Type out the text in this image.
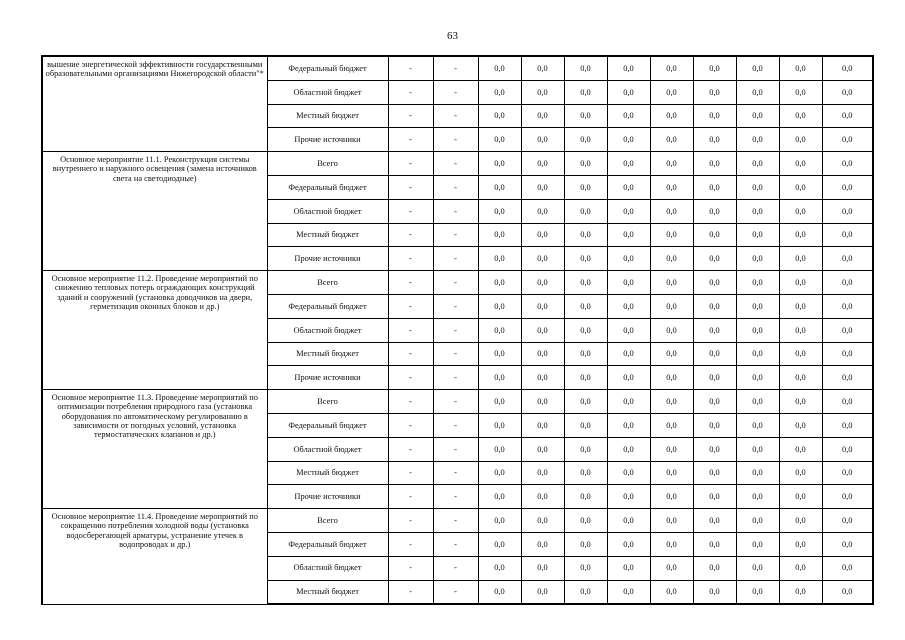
63
вышение энергетической эффективности государственными образовательными организациями Нижегородской области"*	Федеральный бюджет	-	-	0,0	0,0	0,0	0,0	0,0	0,0	0,0	0,0	0,0
	Областной бюджет	-	-	0,0	0,0	0,0	0,0	0,0	0,0	0,0	0,0	0,0
	Местный бюджет	-	-	0,0	0,0	0,0	0,0	0,0	0,0	0,0	0,0	0,0
	Прочие источники	-	-	0,0	0,0	0,0	0,0	0,0	0,0	0,0	0,0	0,0
Основное мероприятие 11.1. Реконструкция системы внутреннего и наружного освещения (замена источников света на светодиодные)	Всего	-	-	0,0	0,0	0,0	0,0	0,0	0,0	0,0	0,0	0,0
	Федеральный бюджет	-	-	0,0	0,0	0,0	0,0	0,0	0,0	0,0	0,0	0,0
	Областной бюджет	-	-	0,0	0,0	0,0	0,0	0,0	0,0	0,0	0,0	0,0
	Местный бюджет	-	-	0,0	0,0	0,0	0,0	0,0	0,0	0,0	0,0	0,0
	Прочие источники	-	-	0,0	0,0	0,0	0,0	0,0	0,0	0,0	0,0	0,0
Основное мероприятие 11.2. Проведение мероприятий по снижению тепловых потерь ограждающих конструкций зданий и сооружений (установка доводчиков на двери, герметизация оконных блоков и др.)	Всего	-	-	0,0	0,0	0,0	0,0	0,0	0,0	0,0	0,0	0,0
	Федеральный бюджет	-	-	0,0	0,0	0,0	0,0	0,0	0,0	0,0	0,0	0,0
	Областной бюджет	-	-	0,0	0,0	0,0	0,0	0,0	0,0	0,0	0,0	0,0
	Местный бюджет	-	-	0,0	0,0	0,0	0,0	0,0	0,0	0,0	0,0	0,0
	Прочие источники	-	-	0,0	0,0	0,0	0,0	0,0	0,0	0,0	0,0	0,0
Основное мероприятие 11.3. Проведение мероприятий по оптимизации потребления природного газа (установка оборудования по автоматическому регулированию в зависимости от погодных условий, установка термостатических клапанов и др.)	Всего	-	-	0,0	0,0	0,0	0,0	0,0	0,0	0,0	0,0	0,0
	Федеральный бюджет	-	-	0,0	0,0	0,0	0,0	0,0	0,0	0,0	0,0	0,0
	Областной бюджет	-	-	0,0	0,0	0,0	0,0	0,0	0,0	0,0	0,0	0,0
	Местный бюджет	-	-	0,0	0,0	0,0	0,0	0,0	0,0	0,0	0,0	0,0
	Прочие источники	-	-	0,0	0,0	0,0	0,0	0,0	0,0	0,0	0,0	0,0
Основное мероприятие 11.4. Проведение мероприятий по сокращению потребления холодной воды (установка водосберегающей арматуры, устранение утечек в водопроводах и др.)	Всего	-	-	0,0	0,0	0,0	0,0	0,0	0,0	0,0	0,0	0,0
	Федеральный бюджет	-	-	0,0	0,0	0,0	0,0	0,0	0,0	0,0	0,0	0,0
	Областной бюджет	-	-	0,0	0,0	0,0	0,0	0,0	0,0	0,0	0,0	0,0
	Местный бюджет	-	-	0,0	0,0	0,0	0,0	0,0	0,0	0,0	0,0	0,0
